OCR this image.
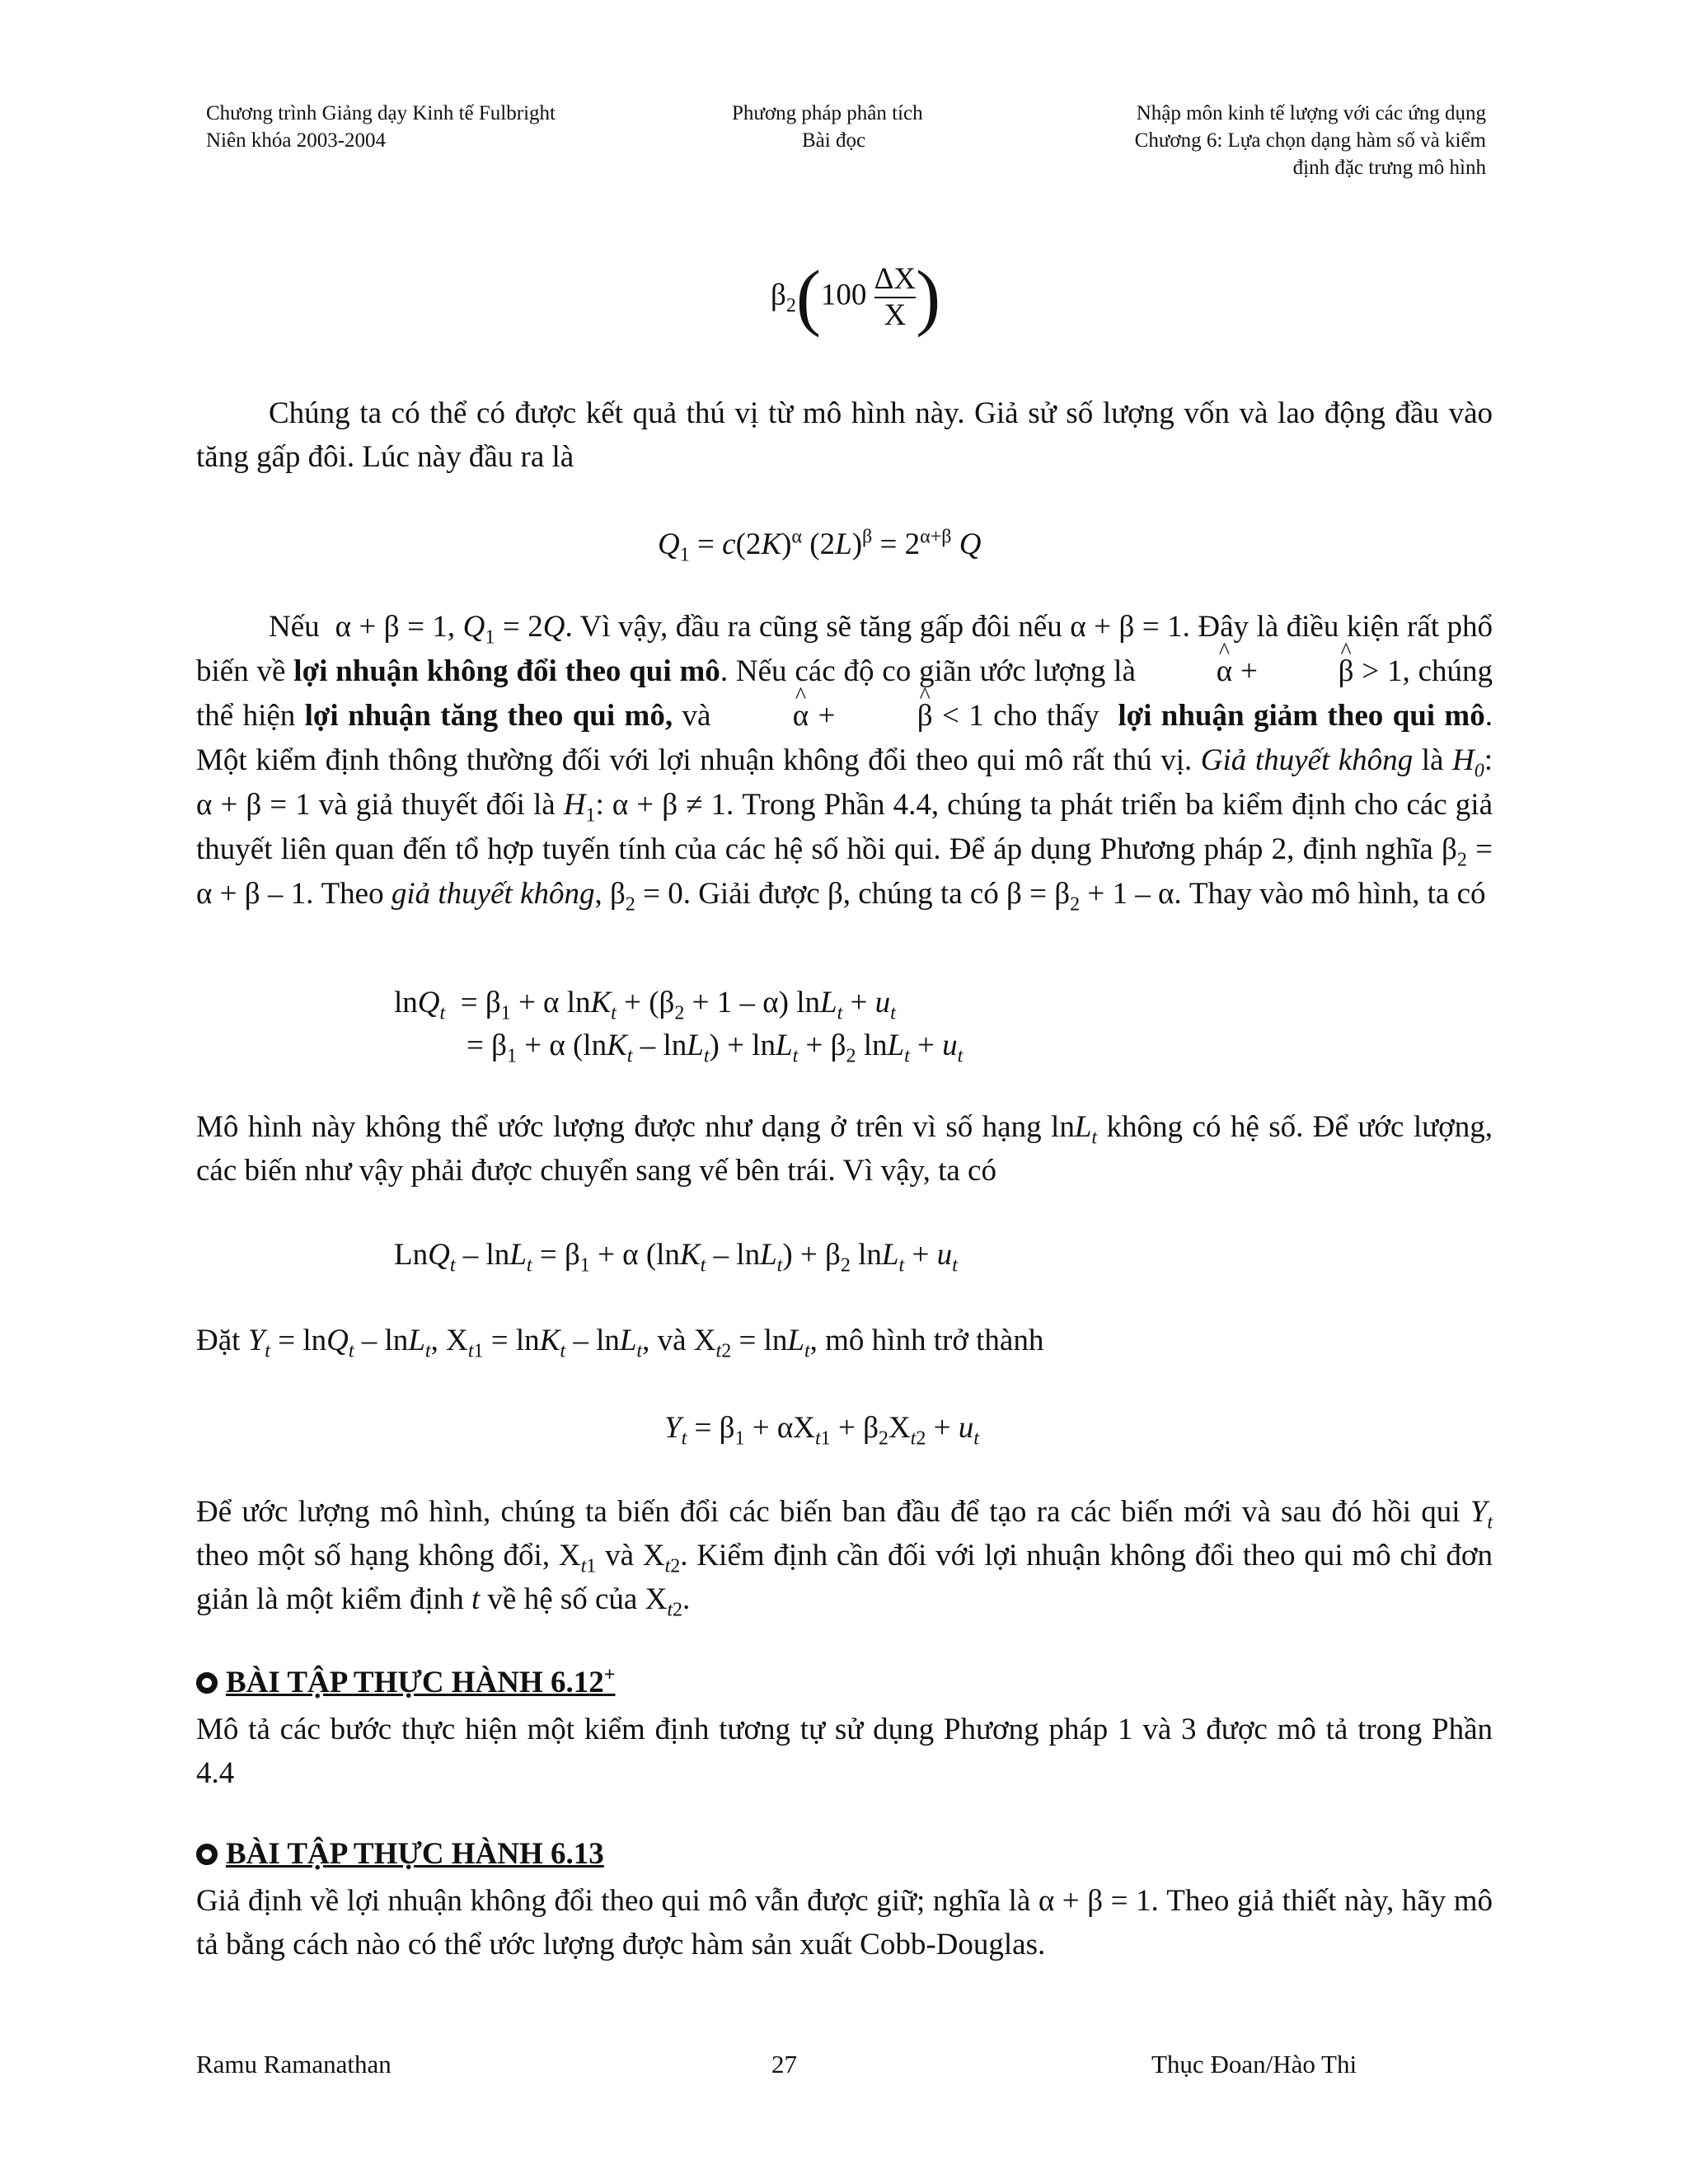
Chương trình Giảng dạy Kinh tế Fulbright
Niên khóa 2003-2004
Phương pháp phân tích
Bài đọc
Nhập môn kinh tế lượng với các ứng dụng
Chương 6: Lựa chọn dạng hàm số và kiểm
định đặc trưng mô hình
$\beta_2(100 \frac{\Delta X}{X}$ )

Chúng ta có thể có được kết quả thú vị từ mô hình này. Giả sử số lượng vốn và lao động đầu vào tăng gấp đôi. Lúc này đầu ra là

$Q_1 = c(2K)^\alpha$ $(2L)^\beta = 2^{\alpha+\beta}$ Q

Nếu  α + β = 1, $Q_1 = 2Q$. Vì vậy, đầu ra cũng sẽ tăng gấp đôi nếu α + β = 1. Đây là điều kiện rất phổ biến về lợi nhuận không đổi theo qui mô. Nếu các độ co giãn ước lượng là ^ α + ^ β > 1, chúng thể hiện lợi nhuận tăng theo qui mô, và ^ α + ^ β < 1 cho thấy  lợi nhuận giảm theo qui mô. Một kiểm định thông thường đối với lợi nhuận không đổi theo qui mô rất thú vị. Giả thuyết không là $H_0$: α + β = 1 và giả thuyết đối là $H_1$: α + β ≠ 1. Trong Phần 4.4, chúng ta phát triển ba kiểm định cho các giả thuyết liên quan đến tổ hợp tuyến tính của các hệ số hồi qui. Để áp dụng Phương pháp 2, định nghĩa $\beta_2 = \alpha + \beta - 1$. Theo giả thuyết không, $\beta_2 = 0$. Giải được β, chúng ta có $\beta = \beta_2 + 1 - \alpha$. Thay vào mô hình, ta có

$\ln Q_t = \beta_1 + \alpha$ $\ln K_t + (\beta_2 + 1 - \alpha) \ln L_t + u_t$
= $\beta_1 + \alpha$ $(\ln K_t - \ln L_t) + \ln L_t + \beta_2$ $\ln L_t + u_t$

Mô hình này không thể ước lượng được như dạng ở trên vì số hạng lnL$_t$ không có hệ số. Để ước lượng, các biến như vậy phải được chuyển sang vế bên trái. Vì vậy, ta có

$LnQ_t - \ln L_t = \beta_1 + \alpha$ $(\ln K_t - \ln L_t) + \beta_2$ $\ln L_t + u_t$
Đặt $Y_t = \ln Q_t - \ln L_t$, $X_{t1} = \ln K_t - \ln L_t$, và $X_{t2} = \ln L_t$, mô hình trở thành
$Y_t = \beta_1 + \alpha X_{t1} + \beta_2X_{t2} + u_t$

Để ước lượng mô hình, chúng ta biến đổi các biến ban đầu để tạo ra các biến mới và sau đó hồi qui $Y_t$ theo một số hạng không đổi, $X_{t1}$ và $X_{t2}$. Kiểm định cần đối với lợi nhuận không đổi theo qui mô chỉ đơn giản là một kiểm định t về hệ số của $X_{t2}$.

BÀI TẬP THỰC HÀNH 6.12+
Mô tả các bước thực hiện một kiểm định tương tự sử dụng Phương pháp 1 và 3 được mô tả trong Phần 4.4
BÀI TẬP THỰC HÀNH 6.13
Giả định về lợi nhuận không đổi theo qui mô vẫn được giữ; nghĩa là α + β = 1. Theo giả thiết này, hãy mô tả bằng cách nào có thể ước lượng được hàm sản xuất Cobb-Douglas.
Ramu Ramanathan	27	Thục Đoan/Hào Thi
